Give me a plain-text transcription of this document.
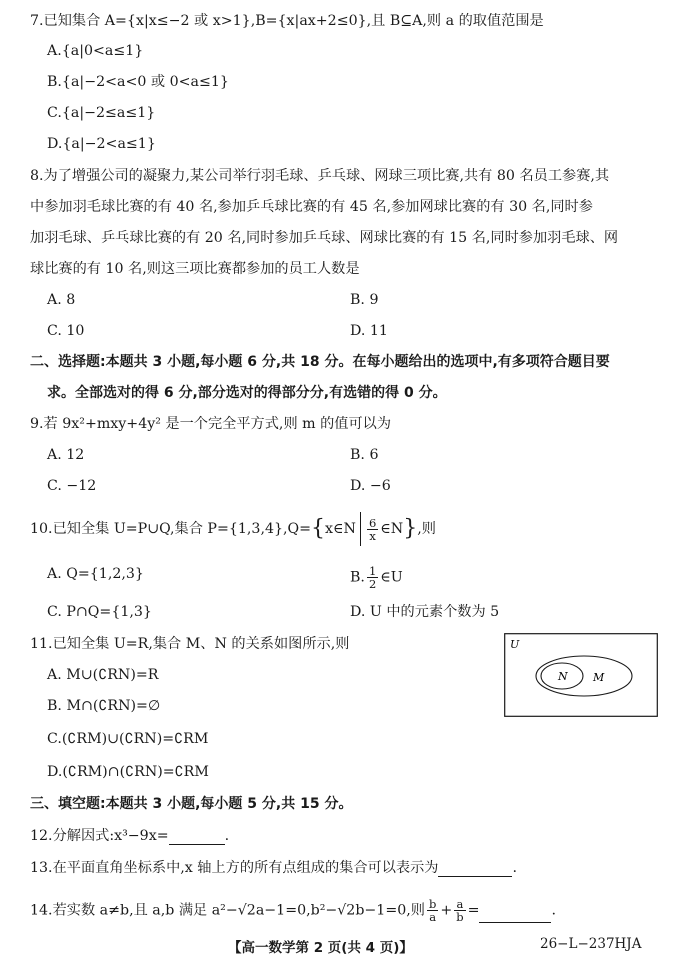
7.已知集合 A={x|x≤−2 或 x>1},B={x|ax+2≤0},且 B⊆A,则 a 的取值范围是
A.{a|0<a≤1}
B.{a|−2<a<0 或 0<a≤1}
C.{a|−2≤a≤1}
D.{a|−2<a≤1}
8.为了增强公司的凝聚力,某公司举行羽毛球、乒乓球、网球三项比赛,共有 80 名员工参赛,其
中参加羽毛球比赛的有 40 名,参加乒乓球比赛的有 45 名,参加网球比赛的有 30 名,同时参
加羽毛球、乒乓球比赛的有 20 名,同时参加乒乓球、网球比赛的有 15 名,同时参加羽毛球、网
球比赛的有 10 名,则这三项比赛都参加的员工人数是
A. 8	B. 9
C. 10	D. 11
二、选择题:本题共 3 小题,每小题 6 分,共 18 分。在每小题给出的选项中,有多项符合题目要
求。全部选对的得 6 分,部分选对的得部分分,有选错的得 0 分。
9.若 9x²+mxy+4y² 是一个完全平方式,则 m 的值可以为
A. 12	B. 6
C. −12	D. −6
10.已知全集 U=P∪Q,集合 P={1,3,4},Q={x∈N $\frac{6}{x}$ ∈N},则
A. Q={1,2,3}	B. $\frac{1}{2}$ ∈U
C. P∩Q={1,3}	D. U 中的元素个数为 5
11.已知全集 U=R,集合 M、N 的关系如图所示,则
A. M∪(∁RN)=R
B. M∩(∁RN)=∅
C.(∁RM)∪(∁RN)=∁RM
D.(∁RM)∩(∁RN)=∁RM
U
N M
三、填空题:本题共 3 小题,每小题 5 分,共 15 分。
12.分解因式:x³−9x=	.
13.在平面直角坐标系中,x 轴上方的所有点组成的集合可以表示为	.
14.若实数 a≠b,且 a,b 满足 a²−√2a−1=0,b²−√2b−1=0,则 $\frac{b}{a} + \frac{a}{b}$ =	.
【高一数学第 2 页(共 4 页)】	26−L−237HJA
